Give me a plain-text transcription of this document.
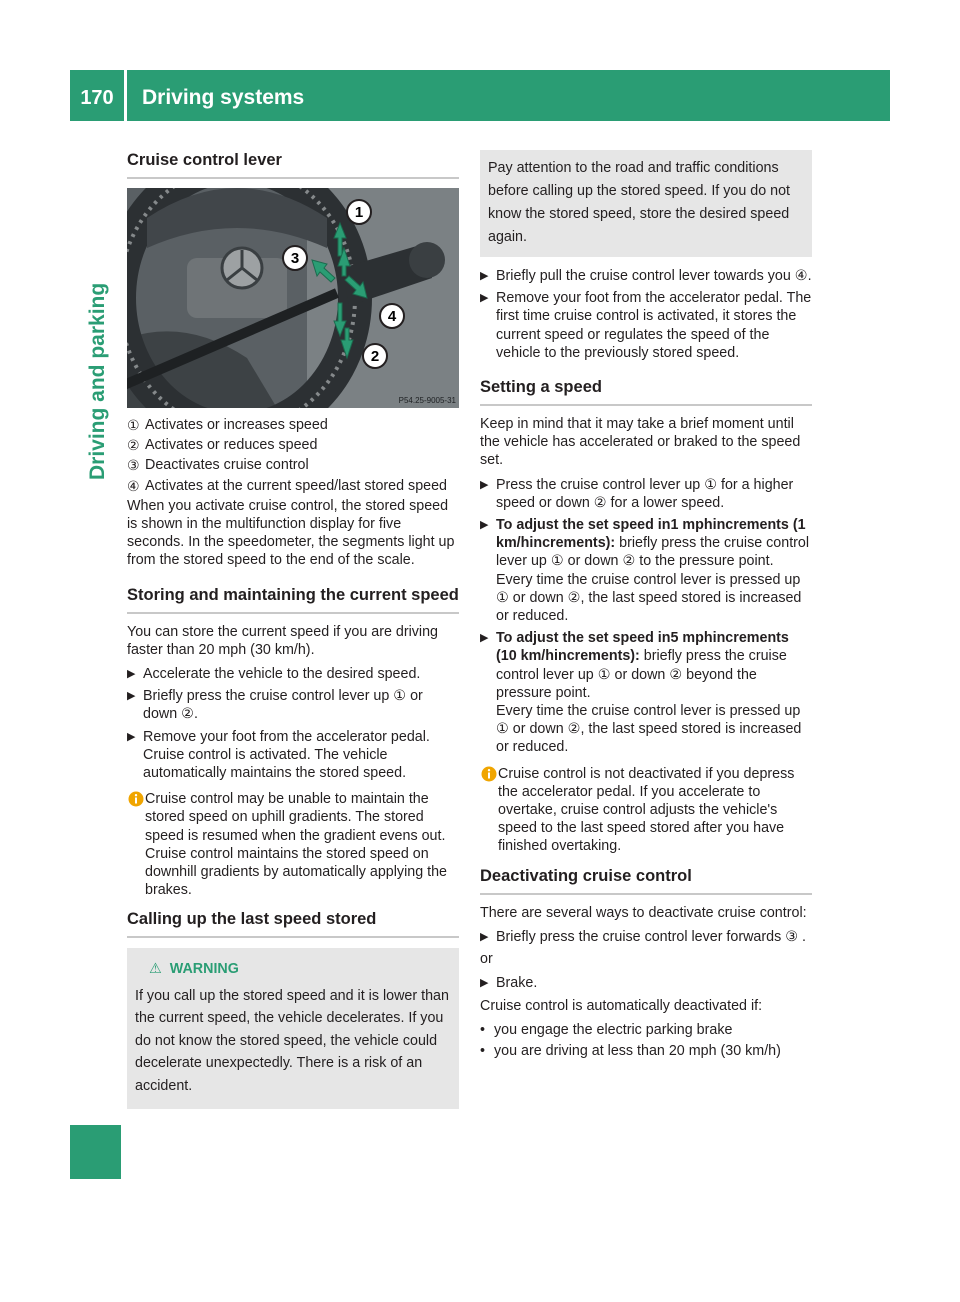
170	Driving systems
Driving and parking
Cruise control lever
1
2
3
4
P54.25-9005-31
① Activates or increases speed
② Activates or reduces speed
③ Deactivates cruise control
④ Activates at the current speed/last stored speed

When you activate cruise control, the stored speed is shown in the multifunction display for five seconds. In the speedometer, the segments light up from the stored speed to the end of the scale.

Storing and maintaining the current speed

You can store the current speed if you are driving faster than 20 mph (30 km/h).

▶ Accelerate the vehicle to the desired speed.
▶ Briefly press the cruise control lever up ① or down ②.
▶ Remove your foot from the accelerator pedal. Cruise control is activated. The vehicle automatically maintains the stored speed.
Cruise control may be unable to maintain the stored speed on uphill gradients. The stored speed is resumed when the gradient evens out. Cruise control maintains the stored speed on downhill gradients by automatically applying the brakes.
Calling up the last speed stored
⚠  WARNING
If you call up the stored speed and it is lower than the current speed, the vehicle decelerates. If you do not know the stored speed, the vehicle could decelerate unexpectedly. There is a risk of an accident.
Pay attention to the road and traffic conditions before calling up the stored speed. If you do not know the stored speed, store the desired speed again.
▶ Briefly pull the cruise control lever towards you ④.
▶ Remove your foot from the accelerator pedal. The first time cruise control is activated, it stores the current speed or regulates the speed of the vehicle to the previously stored speed.
Setting a speed

Keep in mind that it may take a brief moment until the vehicle has accelerated or braked to the speed set.

▶ Press the cruise control lever up ① for a higher speed or down ② for a lower speed.
▶ To adjust the set speed in1 mphincrements (1 km/hincrements): briefly press the cruise control lever up ① or down ② to the pressure point.
Every time the cruise control lever is pressed up ① or down ②, the last speed stored is increased or reduced.
▶ To adjust the set speed in5 mphincrements (10 km/hincrements): briefly press the cruise control lever up ① or down ② beyond the pressure point.
Every time the cruise control lever is pressed up ① or down ②, the last speed stored is increased or reduced.
Cruise control is not deactivated if you depress the accelerator pedal. If you accelerate to overtake, cruise control adjusts the vehicle's speed to the last speed stored after you have finished overtaking.
Deactivating cruise control

There are several ways to deactivate cruise control:

▶ Briefly press the cruise control lever forwards ③ .

or

▶ Brake.

Cruise control is automatically deactivated if:

• you engage the electric parking brake
• you are driving at less than 20 mph (30 km/h)
